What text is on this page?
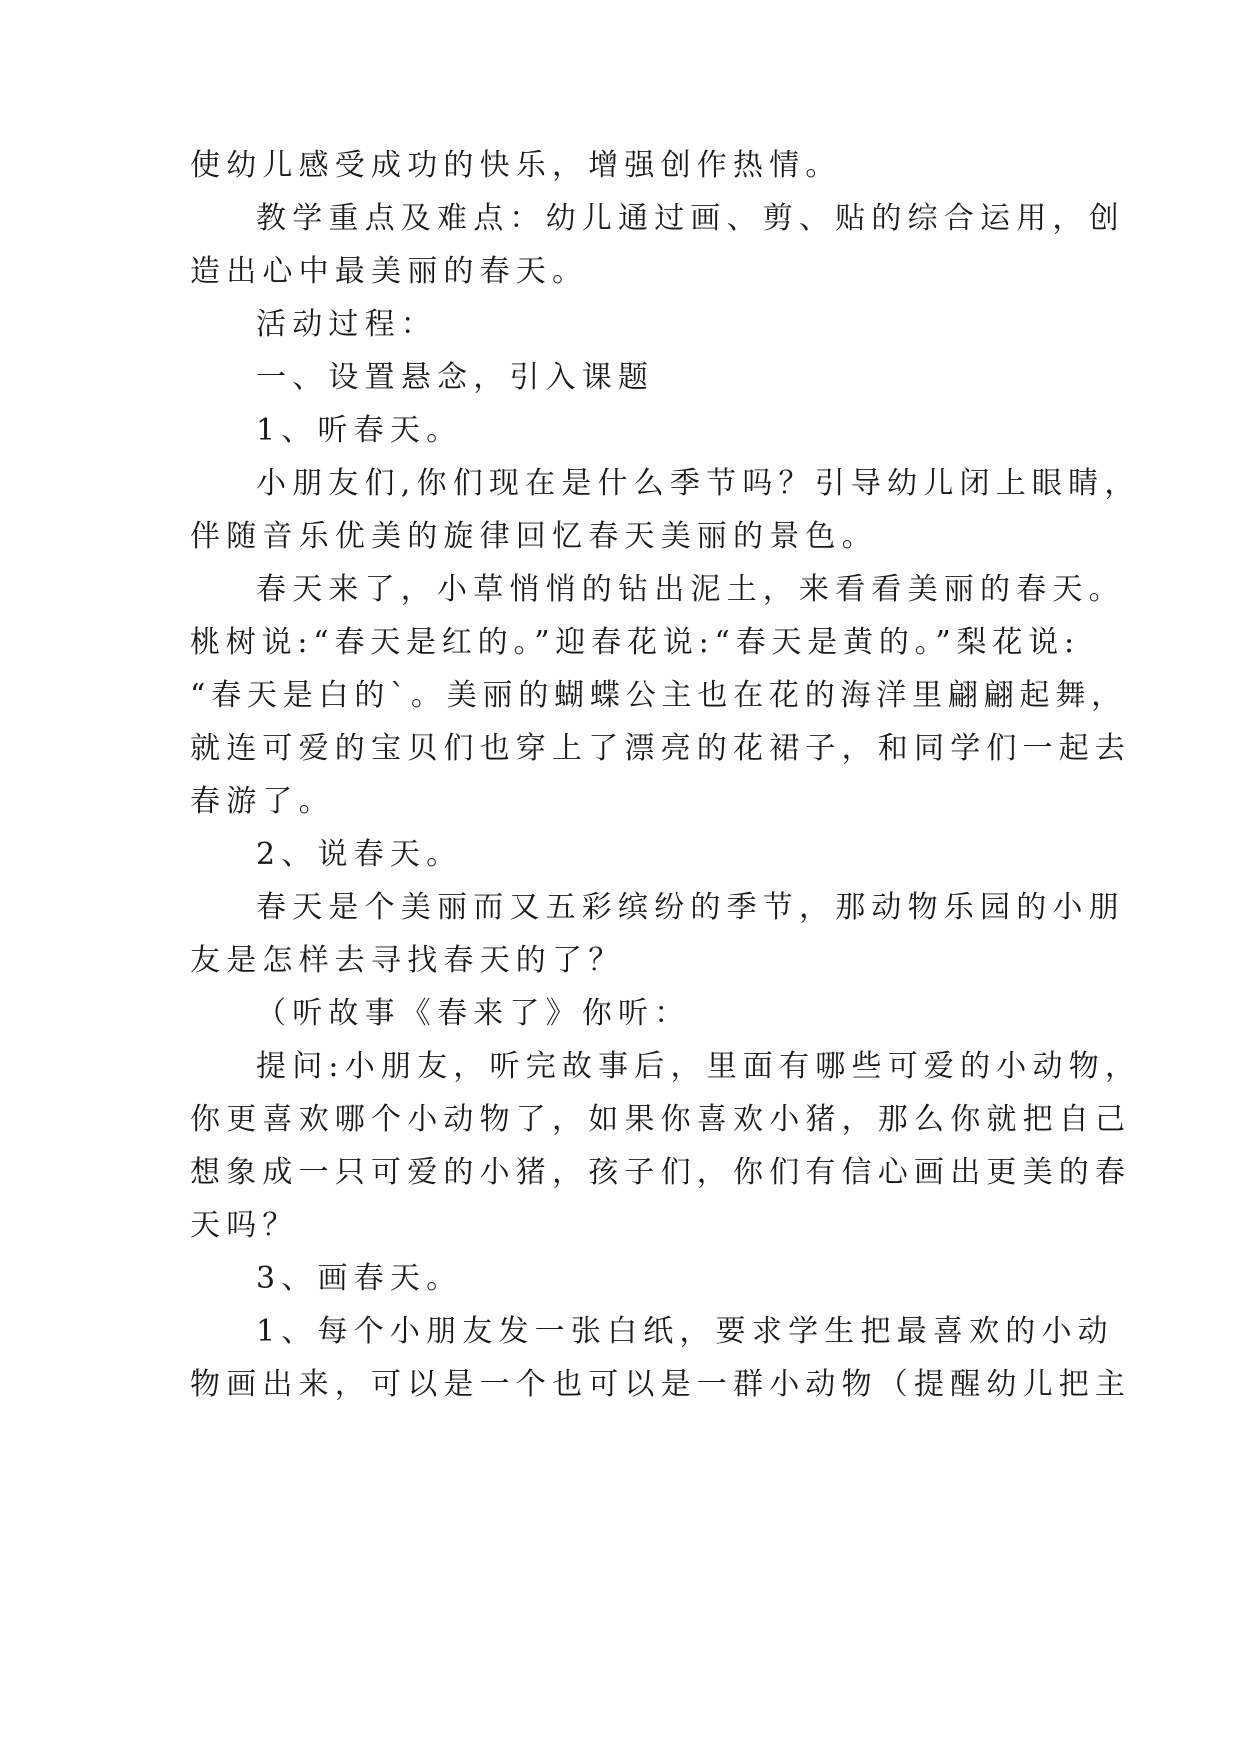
使幼儿感受成功的快乐，增强创作热情。
教学重点及难点：幼儿通过画、剪、贴的综合运用，创
造出心中最美丽的春天。
活动过程：
一、设置悬念，引入课题
1、听春天。
小朋友们,你们现在是什么季节吗？引导幼儿闭上眼睛，
伴随音乐优美的旋律回忆春天美丽的景色。
春天来了，小草悄悄的钻出泥土，来看看美丽的春天。
桃树说:“春天是红的。”迎春花说:“春天是黄的。”梨花说:
“春天是白的`。美丽的蝴蝶公主也在花的海洋里翩翩起舞，
就连可爱的宝贝们也穿上了漂亮的花裙子，和同学们一起去
春游了。
2、说春天。
春天是个美丽而又五彩缤纷的季节，那动物乐园的小朋
友是怎样去寻找春天的了？
（听故事《春来了》你听：
提问:小朋友，听完故事后，里面有哪些可爱的小动物，
你更喜欢哪个小动物了，如果你喜欢小猪，那么你就把自己
想象成一只可爱的小猪，孩子们，你们有信心画出更美的春
天吗？
3、画春天。
1、每个小朋友发一张白纸，要求学生把最喜欢的小动
物画出来，可以是一个也可以是一群小动物（提醒幼儿把主
